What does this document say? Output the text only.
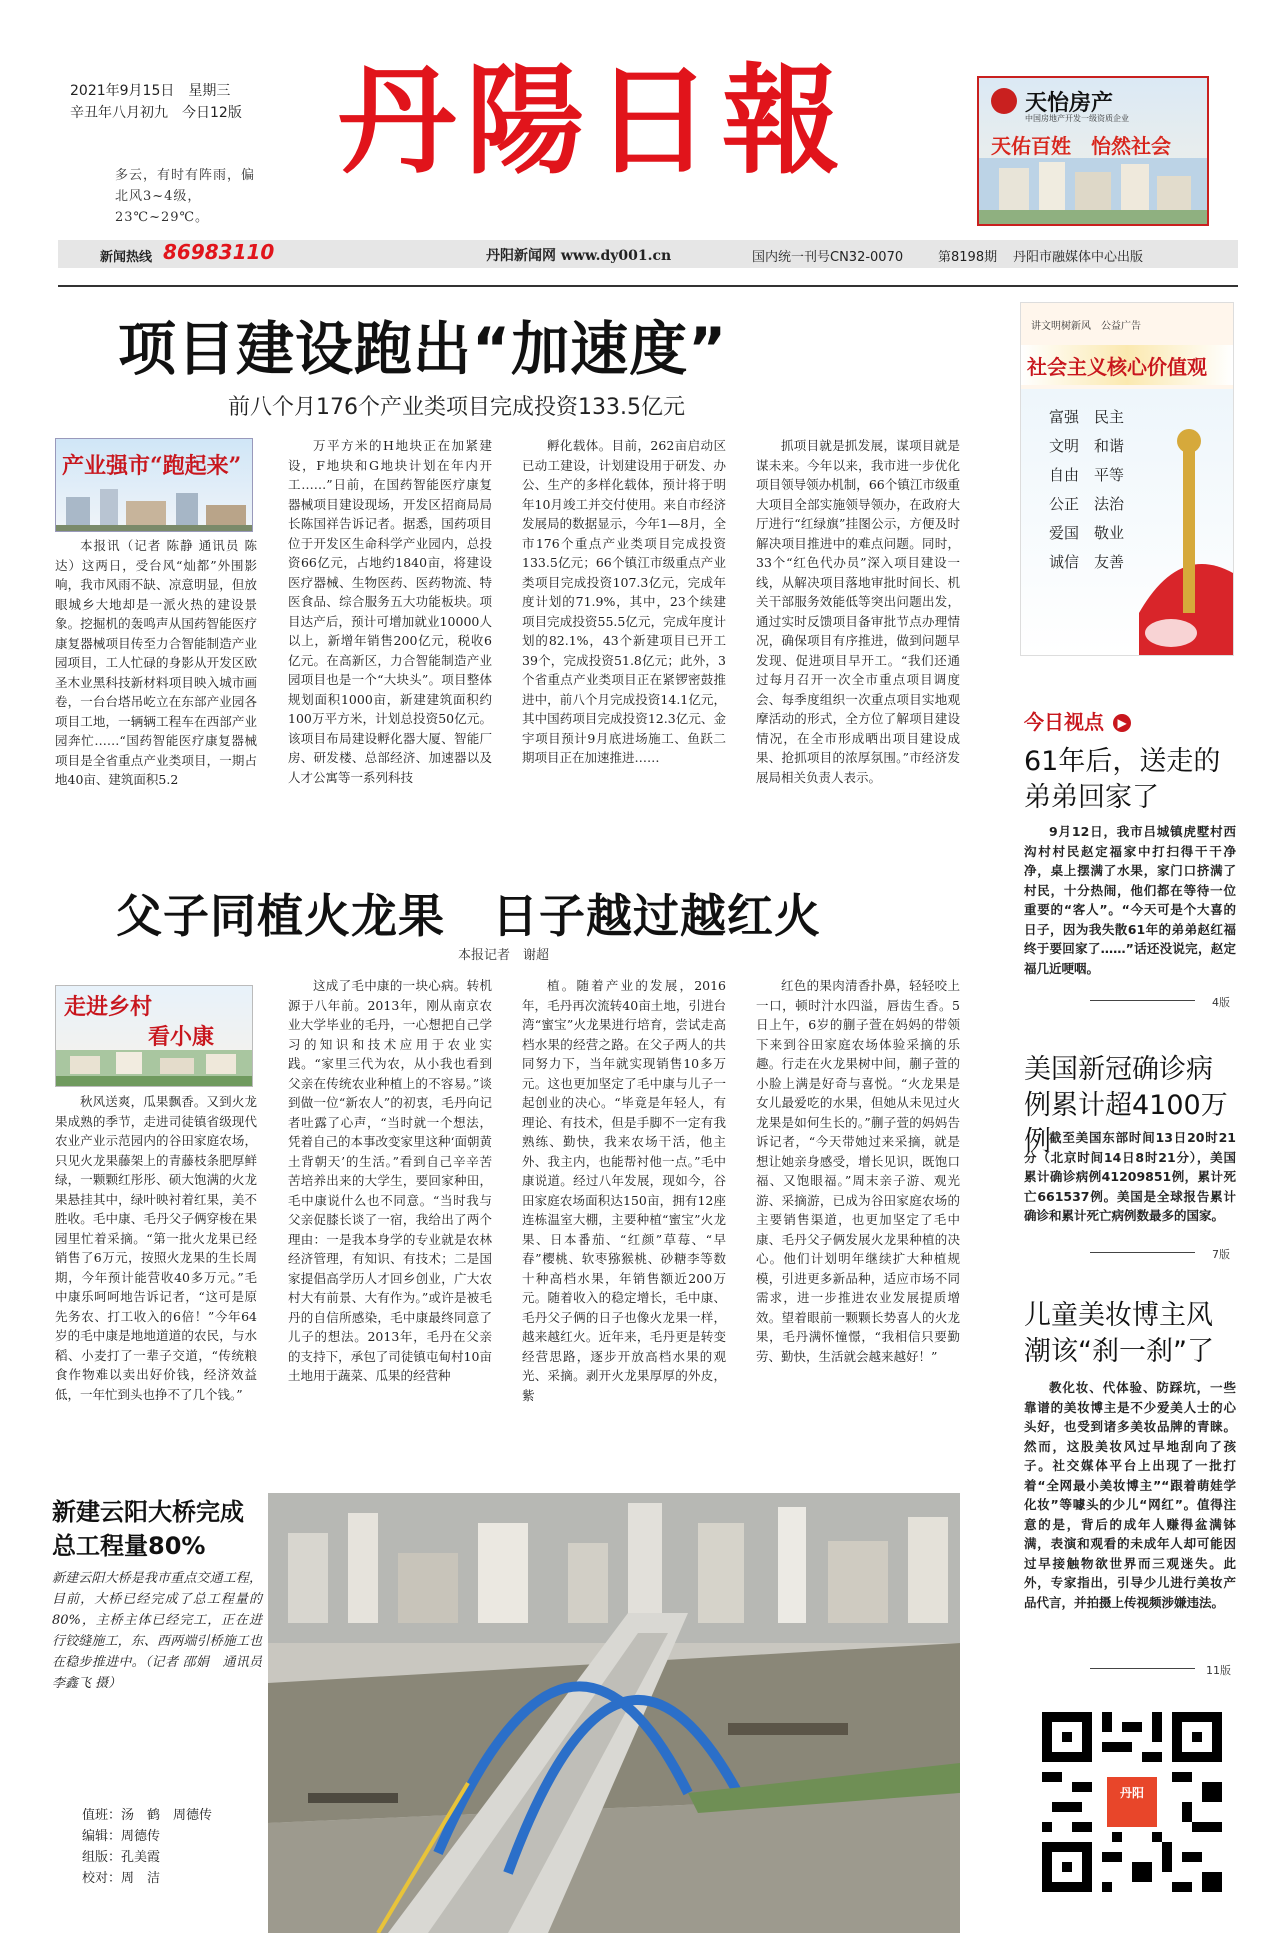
2021年9月15日　星期三
辛丑年八月初九　今日12版
多云，有时有阵雨，偏北风3~4级，23℃~29℃。
丹陽日報	天怡房产
中国房地产开发一级资质企业
天佑百姓　怡然社会
新闻热线 86983110	丹阳新闻网 www.dy001.cn	国内统一刊号CN32-0070	第8198期 丹阳市融媒体中心出版
项目建设跑出“加速度”
前八个月176个产业类项目完成投资133.5亿元
产业强市“跑起来”

本报讯（记者 陈静 通讯员 陈达）这两日，受台风“灿都”外围影响，我市风雨不缺、凉意明显，但放眼城乡大地却是一派火热的建设景象。挖掘机的轰鸣声从国药智能医疗康复器械项目传至力合智能制造产业园项目，工人忙碌的身影从开发区欧圣木业黑科技新材料项目映入城市画卷，一台台塔吊屹立在东部产业园各项目工地，一辆辆工程车在西部产业园奔忙……“国药智能医疗康复器械项目是全省重点产业类项目，一期占地40亩、建筑面积5.2

万平方米的H地块正在加紧建设，F地块和G地块计划在年内开工……”日前，在国药智能医疗康复器械项目建设现场，开发区招商局局长陈国祥告诉记者。据悉，国药项目位于开发区生命科学产业园内，总投资66亿元，占地约1840亩，将建设医疗器械、生物医药、医药物流、特医食品、综合服务五大功能板块。项目达产后，预计可增加就业10000人以上，新增年销售200亿元，税收6亿元。在高新区，力合智能制造产业园项目也是一个“大块头”。项目整体规划面积1000亩，新建建筑面积约100万平方米，计划总投资50亿元。该项目布局建设孵化器大厦、智能厂房、研发楼、总部经济、加速器以及人才公寓等一系列科技

孵化载体。目前，262亩启动区已动工建设，计划建设用于研发、办公、生产的多样化载体，预计将于明年10月竣工并交付使用。来自市经济发展局的数据显示，今年1—8月，全市176个重点产业类项目完成投资133.5亿元；66个镇江市级重点产业类项目完成投资107.3亿元，完成年度计划的71.9%，其中，23个续建项目完成投资55.5亿元，完成年度计划的82.1%，43个新建项目已开工39个，完成投资51.8亿元；此外，3个省重点产业类项目正在紧锣密鼓推进中，前八个月完成投资14.1亿元，其中国药项目完成投资12.3亿元、金宇项目预计9月底进场施工、鱼跃二期项目正在加速推进……

抓项目就是抓发展，谋项目就是谋未来。今年以来，我市进一步优化项目领导领办机制，66个镇江市级重大项目全部实施领导领办，在政府大厅进行“红绿旗”挂图公示，方便及时解决项目推进中的难点问题。同时，33个“红色代办员”深入项目建设一线，从解决项目落地审批时间长、机关干部服务效能低等突出问题出发，通过实时反馈项目备审批节点办理情况，确保项目有序推进，做到问题早发现、促进项目早开工。“我们还通过每月召开一次全市重点项目调度会、每季度组织一次重点项目实地观摩活动的形式，全方位了解项目建设情况，在全市形成晒出项目建设成果、抢抓项目的浓厚氛围。”市经济发展局相关负责人表示。

父子同植火龙果　日子越过越红火
本报记者　谢超
走进乡村
看小康

秋风送爽，瓜果飘香。又到火龙果成熟的季节，走进司徒镇省级现代农业产业示范园内的谷田家庭农场，只见火龙果藤架上的青藤枝条肥厚鲜绿，一颗颗红彤彤、硕大饱满的火龙果悬挂其中，绿叶映衬着红果，美不胜收。毛中康、毛丹父子俩穿梭在果园里忙着采摘。“第一批火龙果已经销售了6万元，按照火龙果的生长周期，今年预计能营收40多万元。”毛中康乐呵呵地告诉记者，“这可是原先务农、打工收入的6倍！”今年64岁的毛中康是地地道道的农民，与水稻、小麦打了一辈子交道，“传统粮食作物难以卖出好价钱，经济效益低，一年忙到头也挣不了几个钱。”

这成了毛中康的一块心病。转机源于八年前。2013年，刚从南京农业大学毕业的毛丹，一心想把自己学习的知识和技术应用于农业实践。“家里三代为农，从小我也看到父亲在传统农业种植上的不容易。”谈到做一位“新农人”的初衷，毛丹向记者吐露了心声，“当时就一个想法，凭着自己的本事改变家里这种‘面朝黄土背朝天’的生活。”看到自己辛辛苦苦培养出来的大学生，要回家种田，毛中康说什么也不同意。“当时我与父亲促膝长谈了一宿，我给出了两个理由：一是我本身学的专业就是农林经济管理，有知识、有技术；二是国家提倡高学历人才回乡创业，广大农村大有前景、大有作为。”或许是被毛丹的自信所感染，毛中康最终同意了儿子的想法。2013年，毛丹在父亲的支持下，承包了司徒镇屯甸村10亩土地用于蔬菜、瓜果的经营种

植。随着产业的发展，2016年，毛丹再次流转40亩土地，引进台湾“蜜宝”火龙果进行培育，尝试走高档水果的经营之路。在父子两人的共同努力下，当年就实现销售10多万元。这也更加坚定了毛中康与儿子一起创业的决心。“毕竟是年轻人，有理论、有技术，但是手脚不一定有我熟练、勤快，我来农场干活，他主外、我主内，也能帮衬他一点。”毛中康说道。经过八年发展，现如今，谷田家庭农场面积达150亩，拥有12座连栋温室大棚，主要种植“蜜宝”火龙果、日本番茄、“红颜”草莓、“早春”樱桃、软枣猕猴桃、砂糖李等数十种高档水果，年销售额近200万元。随着收入的稳定增长，毛中康、毛丹父子俩的日子也像火龙果一样，越来越红火。近年来，毛丹更是转变经营思路，逐步开放高档水果的观光、采摘。剥开火龙果厚厚的外皮，紫

红色的果肉清香扑鼻，轻轻咬上一口，顿时汁水四溢，唇齿生香。5日上午，6岁的蒯子萱在妈妈的带领下来到谷田家庭农场体验采摘的乐趣。行走在火龙果树中间，蒯子萱的小脸上满是好奇与喜悦。“火龙果是女儿最爱吃的水果，但她从未见过火龙果是如何生长的。”蒯子萱的妈妈告诉记者，“今天带她过来采摘，就是想让她亲身感受，增长见识，既饱口福、又饱眼福。”周末亲子游、观光游、采摘游，已成为谷田家庭农场的主要销售渠道，也更加坚定了毛中康、毛丹父子俩发展火龙果种植的决心。他们计划明年继续扩大种植规模，引进更多新品种，适应市场不同需求，进一步推进农业发展提质增效。望着眼前一颗颗长势喜人的火龙果，毛丹满怀憧憬，“我相信只要勤劳、勤快，生活就会越来越好！”

新建云阳大桥完成总工程量80%
新建云阳大桥是我市重点交通工程，目前，大桥已经完成了总工程量的80%，主桥主体已经完工，正在进行铰缝施工，东、西两端引桥施工也在稳步推进中。（记者 邵娟　通讯员 李鑫飞 摄）
值班：汤　鹤　周德传
编辑：周德传
组版：孔美霞
校对：周　洁
讲文明树新风　公益广告
社会主义核心价值观
富强　民主
文明　和谐
自由　平等
公正　法治
爱国　敬业
诚信　友善
今日视点 ▶
61年后，送走的弟弟回家了

9月12日，我市吕城镇虎墅村西沟村村民赵定福家中打扫得干干净净，桌上摆满了水果，家门口挤满了村民，十分热闹，他们都在等待一位重要的“客人”。“今天可是个大喜的日子，因为我失散61年的弟弟赵红福终于要回家了……”话还没说完，赵定福几近哽咽。

4版
美国新冠确诊病例累计超4100万例

截至美国东部时间13日20时21分（北京时间14日8时21分），美国累计确诊病例41209851例，累计死亡661537例。美国是全球报告累计确诊和累计死亡病例数最多的国家。

7版
儿童美妆博主风潮该“刹一刹”了

教化妆、代体验、防踩坑，一些靠谱的美妆博主是不少爱美人士的心头好，也受到诸多美妆品牌的青睐。然而，这股美妆风过早地刮向了孩子。社交媒体平台上出现了一批打着“全网最小美妆博主”“跟着萌娃学化妆”等噱头的少儿“网红”。值得注意的是，背后的成年人赚得盆满钵满，表演和观看的未成年人却可能因过早接触物欲世界而三观迷失。此外，专家指出，引导少儿进行美妆产品代言，并拍摄上传视频涉嫌违法。

11版
丹阳
